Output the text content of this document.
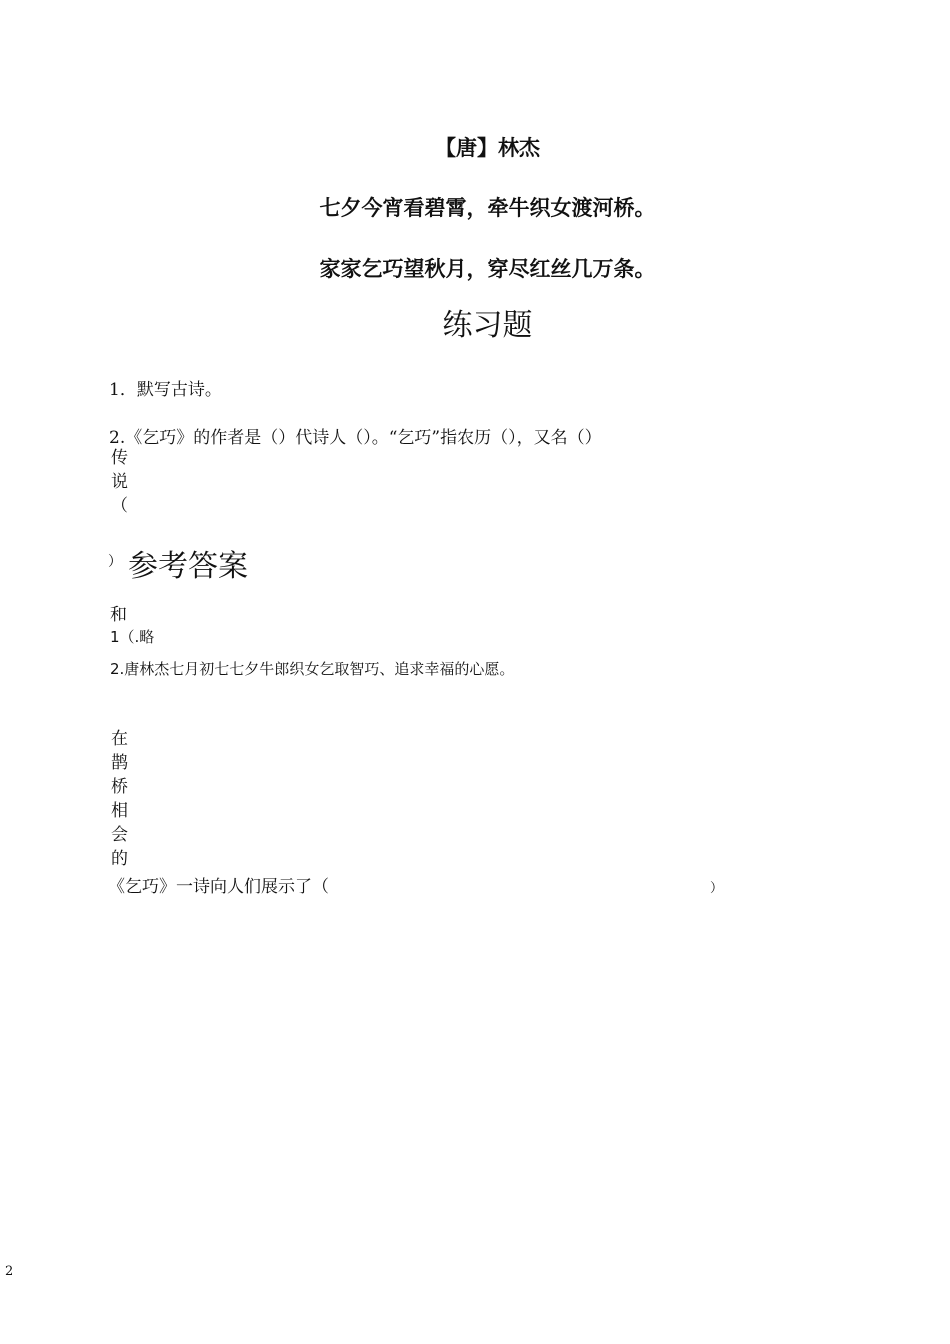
【唐】林杰
七夕今宵看碧霄，牵牛织女渡河桥。
家家乞巧望秋月，穿尽红丝几万条。
练习题
1．默写古诗。
2.《乞巧》的作者是（）代诗人（）。“乞巧”指农历（），又名（）
传
说
（
） 参考答案
和
1（.略
2.唐林杰七月初七七夕牛郎织女乞取智巧、追求幸福的心愿。
在
鹊
桥
相
会
的
《乞巧》一诗向人们展示了（	）
2
